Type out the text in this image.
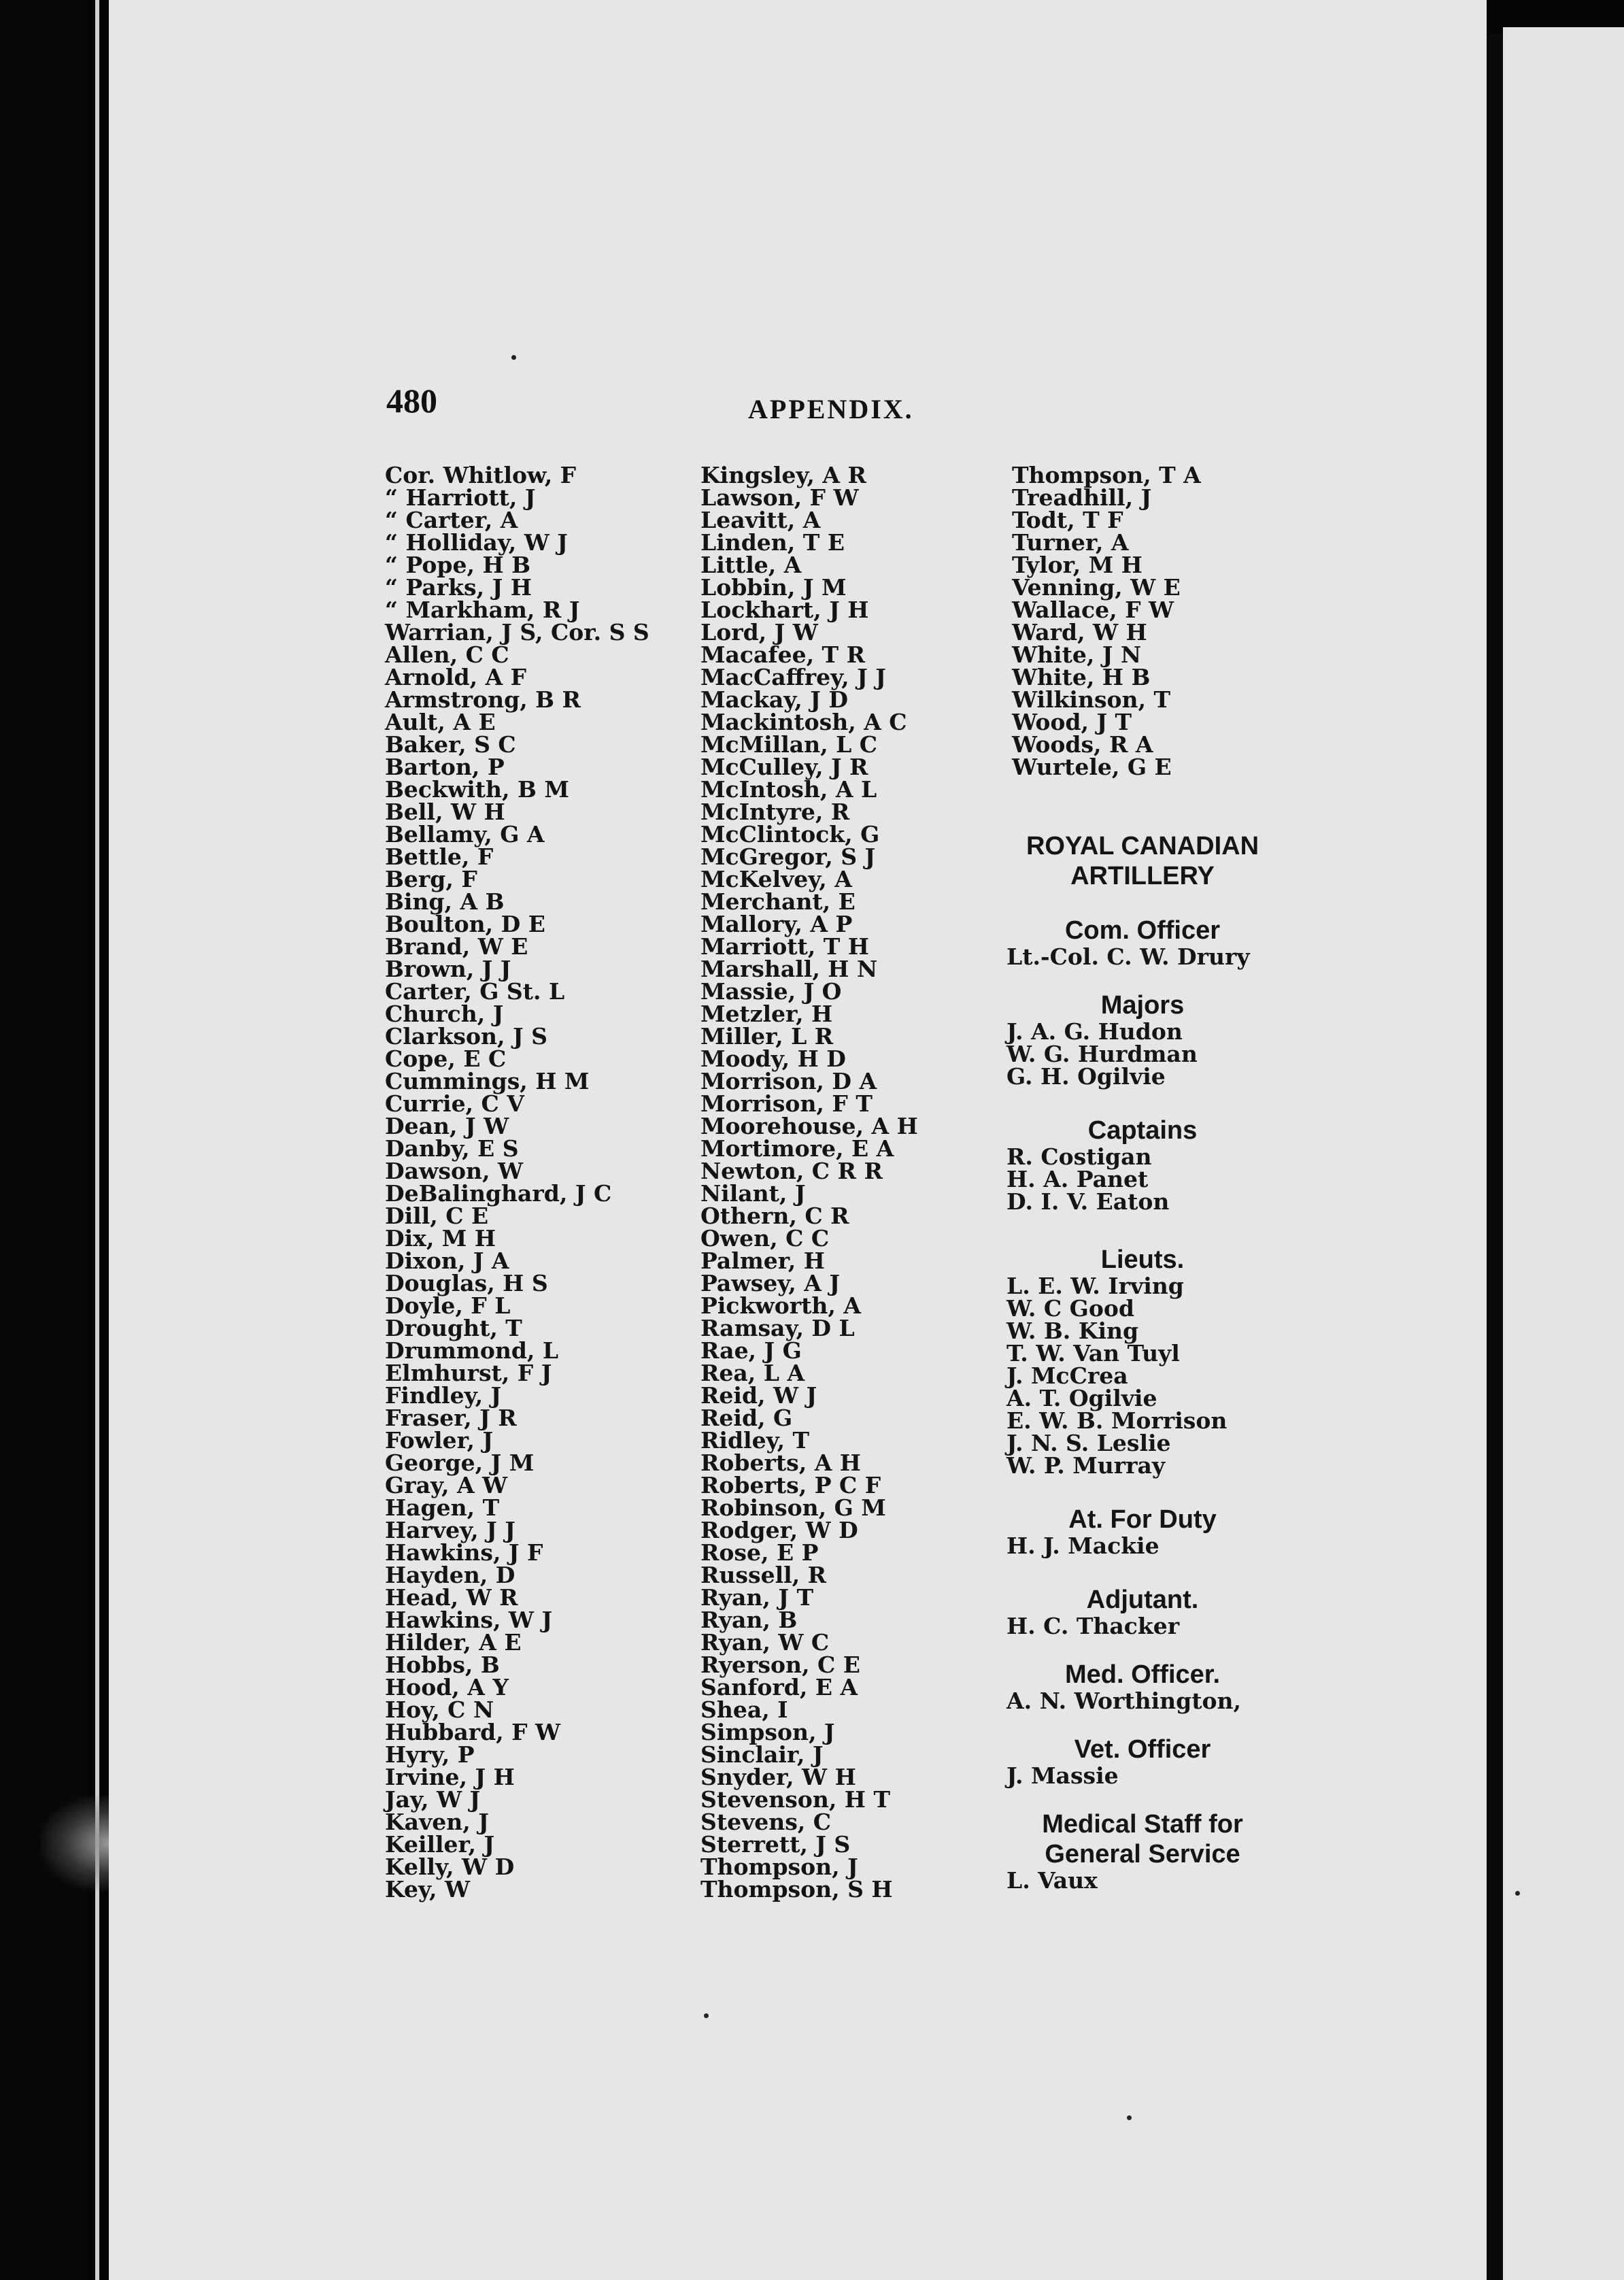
480	APPENDIX.
Cor. Whitlow, F
“ Harriott, J
“ Carter, A
“ Holliday, W J
“ Pope, H B
“ Parks, J H
“ Markham, R J
Warrian, J S, Cor. S S
Allen, C C
Arnold, A F
Armstrong, B R
Ault, A E
Baker, S C
Barton, P
Beckwith, B M
Bell, W H
Bellamy, G A
Bettle, F
Berg, F
Bing, A B
Boulton, D E
Brand, W E
Brown, J J
Carter, G St. L
Church, J
Clarkson, J S
Cope, E C
Cummings, H M
Currie, C V
Dean, J W
Danby, E S
Dawson, W
DeBalinghard, J C
Dill, C E
Dix, M H
Dixon, J A
Douglas, H S
Doyle, F L
Drought, T
Drummond, L
Elmhurst, F J
Findley, J
Fraser, J R
Fowler, J
George, J M
Gray, A W
Hagen, T
Harvey, J J
Hawkins, J F
Hayden, D
Head, W R
Hawkins, W J
Hilder, A E
Hobbs, B
Hood, A Y
Hoy, C N
Hubbard, F W
Hyry, P
Irvine, J H
Jay, W J
Kaven, J
Keiller, J
Kelly, W D
Key, W
Kingsley, A R
Lawson, F W
Leavitt, A
Linden, T E
Little, A
Lobbin, J M
Lockhart, J H
Lord, J W
Macafee, T R
MacCaffrey, J J
Mackay, J D
Mackintosh, A C
McMillan, L C
McCulley, J R
McIntosh, A L
McIntyre, R
McClintock, G
McGregor, S J
McKelvey, A
Merchant, E
Mallory, A P
Marriott, T H
Marshall, H N
Massie, J O
Metzler, H
Miller, L R
Moody, H D
Morrison, D A
Morrison, F T
Moorehouse, A H
Mortimore, E A
Newton, C R R
Nilant, J
Othern, C R
Owen, C C
Palmer, H
Pawsey, A J
Pickworth, A
Ramsay, D L
Rae, J G
Rea, L A
Reid, W J
Reid, G
Ridley, T
Roberts, A H
Roberts, P C F
Robinson, G M
Rodger, W D
Rose, E P
Russell, R
Ryan, J T
Ryan, B
Ryan, W C
Ryerson, C E
Sanford, E A
Shea, I
Simpson, J
Sinclair, J
Snyder, W H
Stevenson, H T
Stevens, C
Sterrett, J S
Thompson, J
Thompson, S H
Thompson, T A
Treadhill, J
Todt, T F
Turner, A
Tylor, M H
Venning, W E
Wallace, F W
Ward, W H
White, J N
White, H B
Wilkinson, T
Wood, J T
Woods, R A
Wurtele, G E
ROYAL CANADIAN
ARTILLERY
Com. Officer
Lt.-Col. C. W. Drury
Majors
J. A. G. Hudon
W. G. Hurdman
G. H. Ogilvie
Captains
R. Costigan
H. A. Panet
D. I. V. Eaton
Lieuts.
L. E. W. Irving
W. C Good
W. B. King
T. W. Van Tuyl
J. McCrea
A. T. Ogilvie
E. W. B. Morrison
J. N. S. Leslie
W. P. Murray
At. For Duty
H. J. Mackie
Adjutant.
H. C. Thacker
Med. Officer.
A. N. Worthington,
Vet. Officer
J. Massie
Medical Staff for General Service
L. Vaux
